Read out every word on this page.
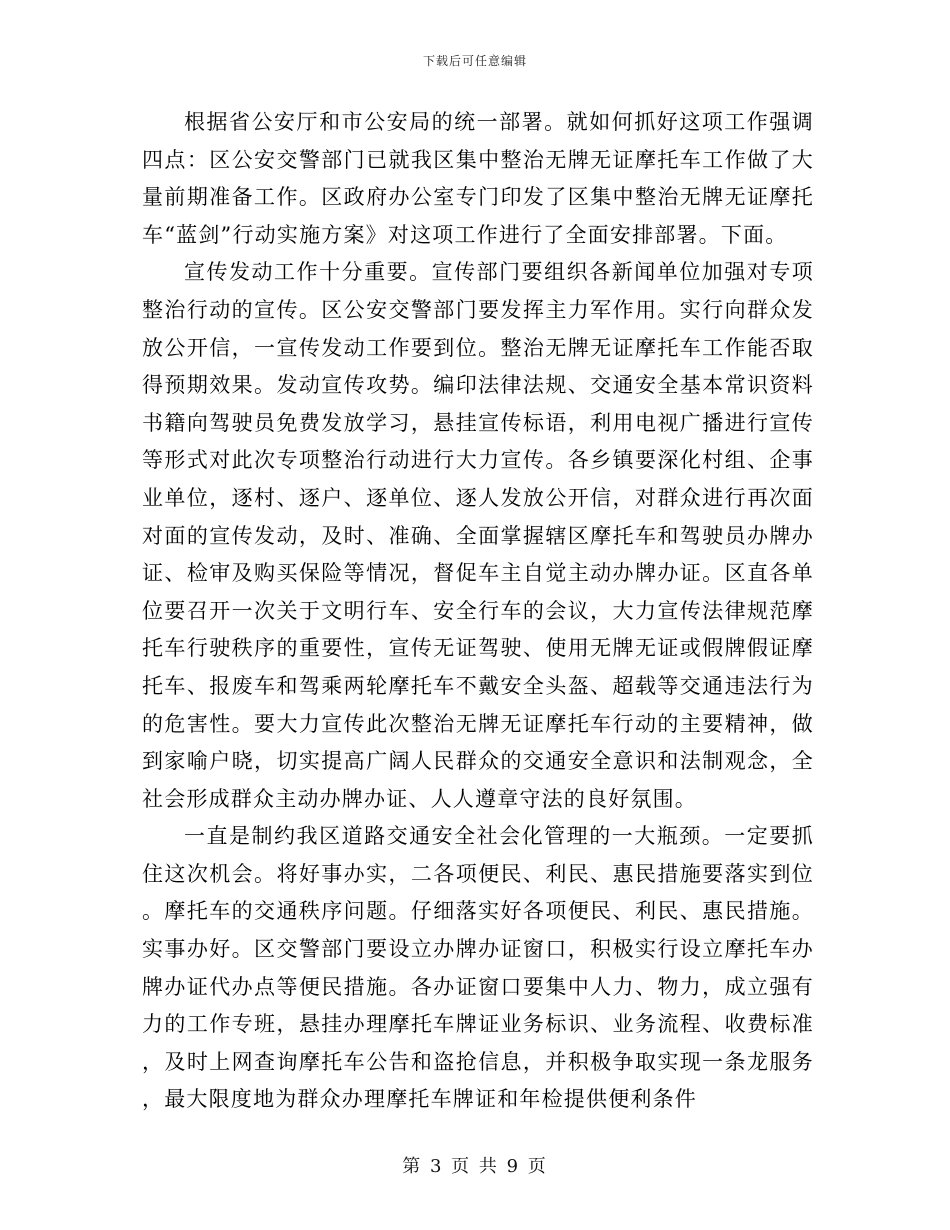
下载后可任意编辑

根据省公安厅和市公安局的统一部署。就如何抓好这项工作强调四点：区公安交警部门已就我区集中整治无牌无证摩托车工作做了大量前期准备工作。区政府办公室专门印发了区集中整治无牌无证摩托车“蓝剑”行动实施方案》对这项工作进行了全面安排部署。下面。

宣传发动工作十分重要。宣传部门要组织各新闻单位加强对专项整治行动的宣传。区公安交警部门要发挥主力军作用。实行向群众发放公开信，一宣传发动工作要到位。整治无牌无证摩托车工作能否取得预期效果。发动宣传攻势。编印法律法规、交通安全基本常识资料书籍向驾驶员免费发放学习，悬挂宣传标语，利用电视广播进行宣传等形式对此次专项整治行动进行大力宣传。各乡镇要深化村组、企事业单位，逐村、逐户、逐单位、逐人发放公开信，对群众进行再次面对面的宣传发动，及时、准确、全面掌握辖区摩托车和驾驶员办牌办证、检审及购买保险等情况，督促车主自觉主动办牌办证。区直各单位要召开一次关于文明行车、安全行车的会议，大力宣传法律规范摩托车行驶秩序的重要性，宣传无证驾驶、使用无牌无证或假牌假证摩托车、报废车和驾乘两轮摩托车不戴安全头盔、超载等交通违法行为的危害性。要大力宣传此次整治无牌无证摩托车行动的主要精神，做到家喻户晓，切实提高广阔人民群众的交通安全意识和法制观念，全社会形成群众主动办牌办证、人人遵章守法的良好氛围。

一直是制约我区道路交通安全社会化管理的一大瓶颈。一定要抓住这次机会。将好事办实，二各项便民、利民、惠民措施要落实到位。摩托车的交通秩序问题。仔细落实好各项便民、利民、惠民措施。实事办好。区交警部门要设立办牌办证窗口，积极实行设立摩托车办牌办证代办点等便民措施。各办证窗口要集中人力、物力，成立强有力的工作专班，悬挂办理摩托车牌证业务标识、业务流程、收费标准，及时上网查询摩托车公告和盗抢信息，并积极争取实现一条龙服务，最大限度地为群众办理摩托车牌证和年检提供便利条件

第 3 页 共 9 页
